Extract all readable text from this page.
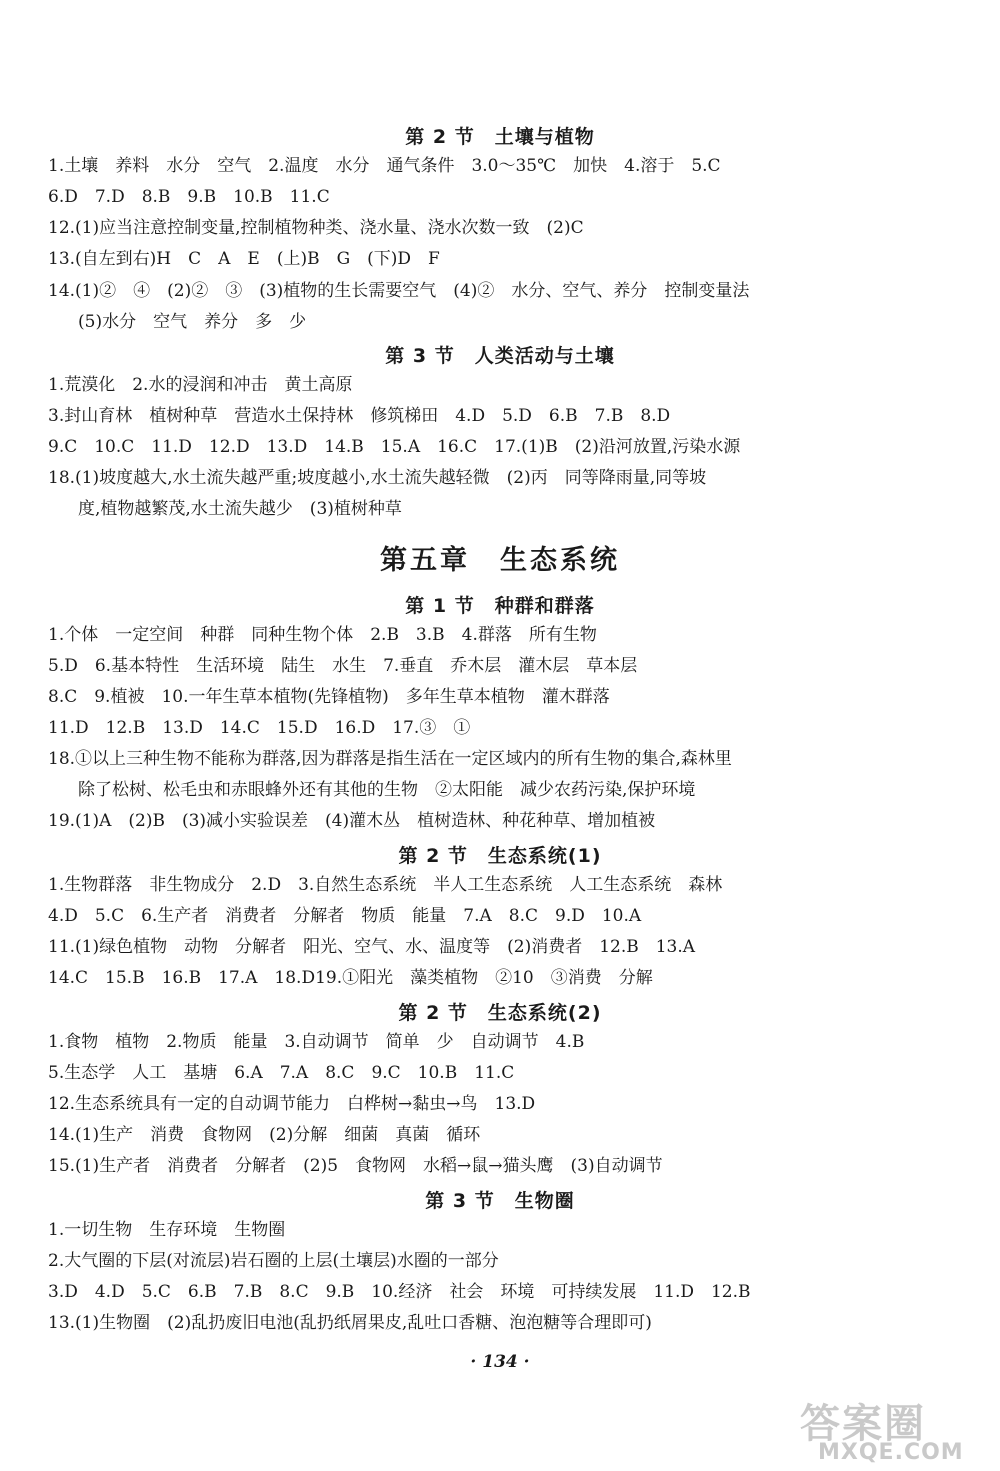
第 2 节　土壤与植物
1.土壤　养料　水分　空气　2.温度　水分　通气条件　3.0～35℃　加快　4.溶于　5.C
6.D　7.D　8.B　9.B　10.B　11.C
12.(1)应当注意控制变量,控制植物种类、浇水量、浇水次数一致　(2)C
13.(自左到右)H　C　A　E　(上)B　G　(下)D　F
14.(1)②　④　(2)②　③　(3)植物的生长需要空气　(4)②　水分、空气、养分　控制变量法
(5)水分　空气　养分　多　少
第 3 节　人类活动与土壤
1.荒漠化　2.水的浸润和冲击　黄土高原
3.封山育林　植树种草　营造水土保持林　修筑梯田　4.D　5.D　6.B　7.B　8.D
9.C　10.C　11.D　12.D　13.D　14.B　15.A　16.C　17.(1)B　(2)沿河放置,污染水源
18.(1)坡度越大,水土流失越严重;坡度越小,水土流失越轻微　(2)丙　同等降雨量,同等坡
度,植物越繁茂,水土流失越少　(3)植树种草
第五章　生态系统
第 1 节　种群和群落
1.个体　一定空间　种群　同种生物个体　2.B　3.B　4.群落　所有生物
5.D　6.基本特性　生活环境　陆生　水生　7.垂直　乔木层　灌木层　草本层
8.C　9.植被　10.一年生草本植物(先锋植物)　多年生草本植物　灌木群落
11.D　12.B　13.D　14.C　15.D　16.D　17.③　①
18.①以上三种生物不能称为群落,因为群落是指生活在一定区域内的所有生物的集合,森林里
除了松树、松毛虫和赤眼蜂外还有其他的生物　②太阳能　减少农药污染,保护环境
19.(1)A　(2)B　(3)减小实验误差　(4)灌木丛　植树造林、种花种草、增加植被
第 2 节　生态系统(1)
1.生物群落　非生物成分　2.D　3.自然生态系统　半人工生态系统　人工生态系统　森林
4.D　5.C　6.生产者　消费者　分解者　物质　能量　7.A　8.C　9.D　10.A
11.(1)绿色植物　动物　分解者　阳光、空气、水、温度等　(2)消费者　12.B　13.A
14.C　15.B　16.B　17.A　18.D19.①阳光　藻类植物　②10　③消费　分解
第 2 节　生态系统(2)
1.食物　植物　2.物质　能量　3.自动调节　简单　少　自动调节　4.B
5.生态学　人工　基塘　6.A　7.A　8.C　9.C　10.B　11.C
12.生态系统具有一定的自动调节能力　白桦树→黏虫→鸟　13.D
14.(1)生产　消费　食物网　(2)分解　细菌　真菌　循环
15.(1)生产者　消费者　分解者　(2)5　食物网　水稻→鼠→猫头鹰　(3)自动调节
第 3 节　生物圈
1.一切生物　生存环境　生物圈
2.大气圈的下层(对流层)岩石圈的上层(土壤层)水圈的一部分
3.D　4.D　5.C　6.B　7.B　8.C　9.B　10.经济　社会　环境　可持续发展　11.D　12.B
13.(1)生物圈　(2)乱扔废旧电池(乱扔纸屑果皮,乱吐口香糖、泡泡糖等合理即可)
· 134 ·
答案圈
MXQE.COM
